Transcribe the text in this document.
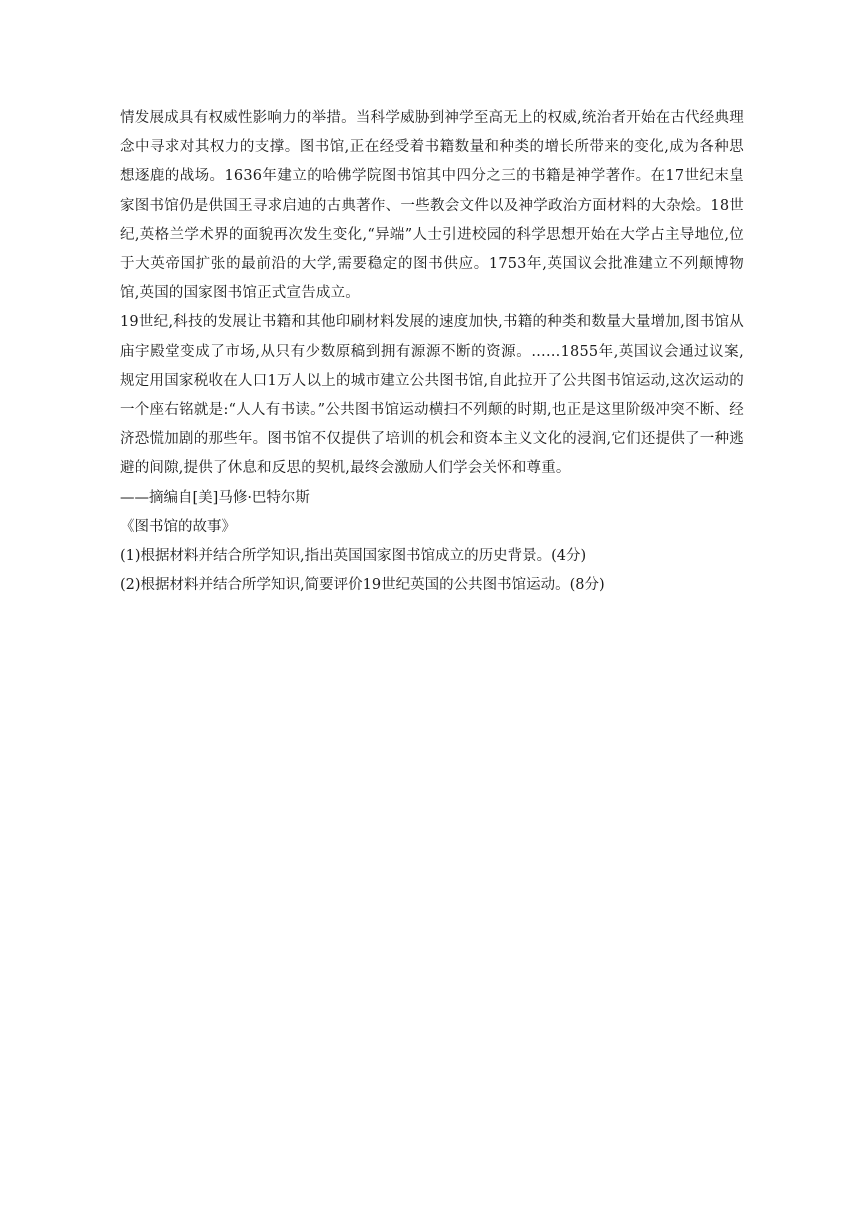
情发展成具有权威性影响力的举措。当科学威胁到神学至高无上的权威,统治者开始在古代经典理念中寻求对其权力的支撑。图书馆,正在经受着书籍数量和种类的增长所带来的变化,成为各种思想逐鹿的战场。1636年建立的哈佛学院图书馆其中四分之三的书籍是神学著作。在17世纪末皇家图书馆仍是供国王寻求启迪的古典著作、一些教会文件以及神学政治方面材料的大杂烩。18世纪,英格兰学术界的面貌再次发生变化,“异端”人士引进校园的科学思想开始在大学占主导地位,位于大英帝国扩张的最前沿的大学,需要稳定的图书供应。1753年,英国议会批准建立不列颠博物馆,英国的国家图书馆正式宣告成立。

19世纪,科技的发展让书籍和其他印刷材料发展的速度加快,书籍的种类和数量大量增加,图书馆从庙宇殿堂变成了市场,从只有少数原稿到拥有源源不断的资源。……1855年,英国议会通过议案,规定用国家税收在人口1万人以上的城市建立公共图书馆,自此拉开了公共图书馆运动,这次运动的一个座右铭就是:“人人有书读。”公共图书馆运动横扫不列颠的时期,也正是这里阶级冲突不断、经济恐慌加剧的那些年。图书馆不仅提供了培训的机会和资本主义文化的浸润,它们还提供了一种逃避的间隙,提供了休息和反思的契机,最终会激励人们学会关怀和尊重。

——摘编自[美]马修·巴特尔斯

《图书馆的故事》

(1)根据材料并结合所学知识,指出英国国家图书馆成立的历史背景。(4分)

(2)根据材料并结合所学知识,简要评价19世纪英国的公共图书馆运动。(8分)
